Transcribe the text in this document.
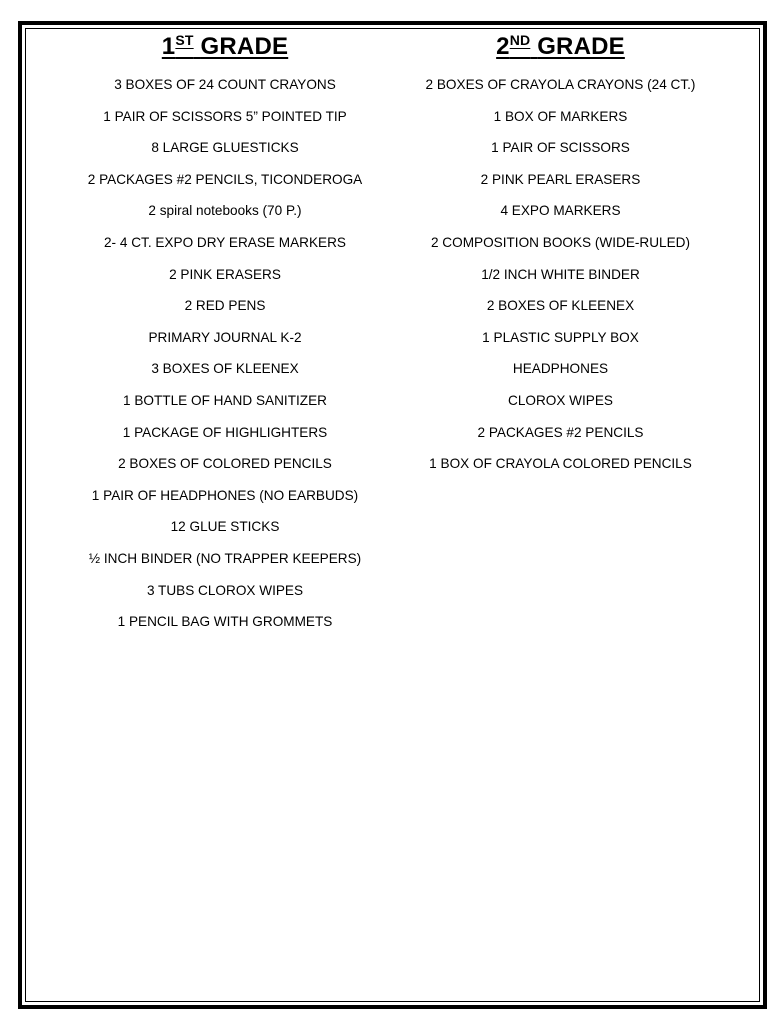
1ST GRADE
3 BOXES OF 24 COUNT CRAYONS
1 PAIR OF SCISSORS 5” POINTED TIP
8 LARGE GLUESTICKS
2 PACKAGES #2 PENCILS, TICONDEROGA
2 spiral notebooks (70 P.)
2- 4 CT. EXPO DRY ERASE MARKERS
2 PINK ERASERS
2 RED PENS
PRIMARY JOURNAL K-2
3 BOXES OF KLEENEX
1 BOTTLE OF HAND SANITIZER
1 PACKAGE OF HIGHLIGHTERS
2 BOXES OF COLORED PENCILS
1 PAIR OF HEADPHONES (NO EARBUDS)
12 GLUE STICKS
½ INCH BINDER (NO TRAPPER KEEPERS)
3 TUBS CLOROX WIPES
1 PENCIL BAG WITH GROMMETS
2ND GRADE
2 BOXES OF CRAYOLA CRAYONS (24 CT.)
1 BOX OF MARKERS
1 PAIR OF SCISSORS
2 PINK PEARL ERASERS
4 EXPO MARKERS
2 COMPOSITION BOOKS (WIDE-RULED)
1/2 INCH WHITE BINDER
2 BOXES OF KLEENEX
1 PLASTIC SUPPLY BOX
HEADPHONES
CLOROX WIPES
2 PACKAGES #2 PENCILS
1 BOX OF CRAYOLA COLORED PENCILS
